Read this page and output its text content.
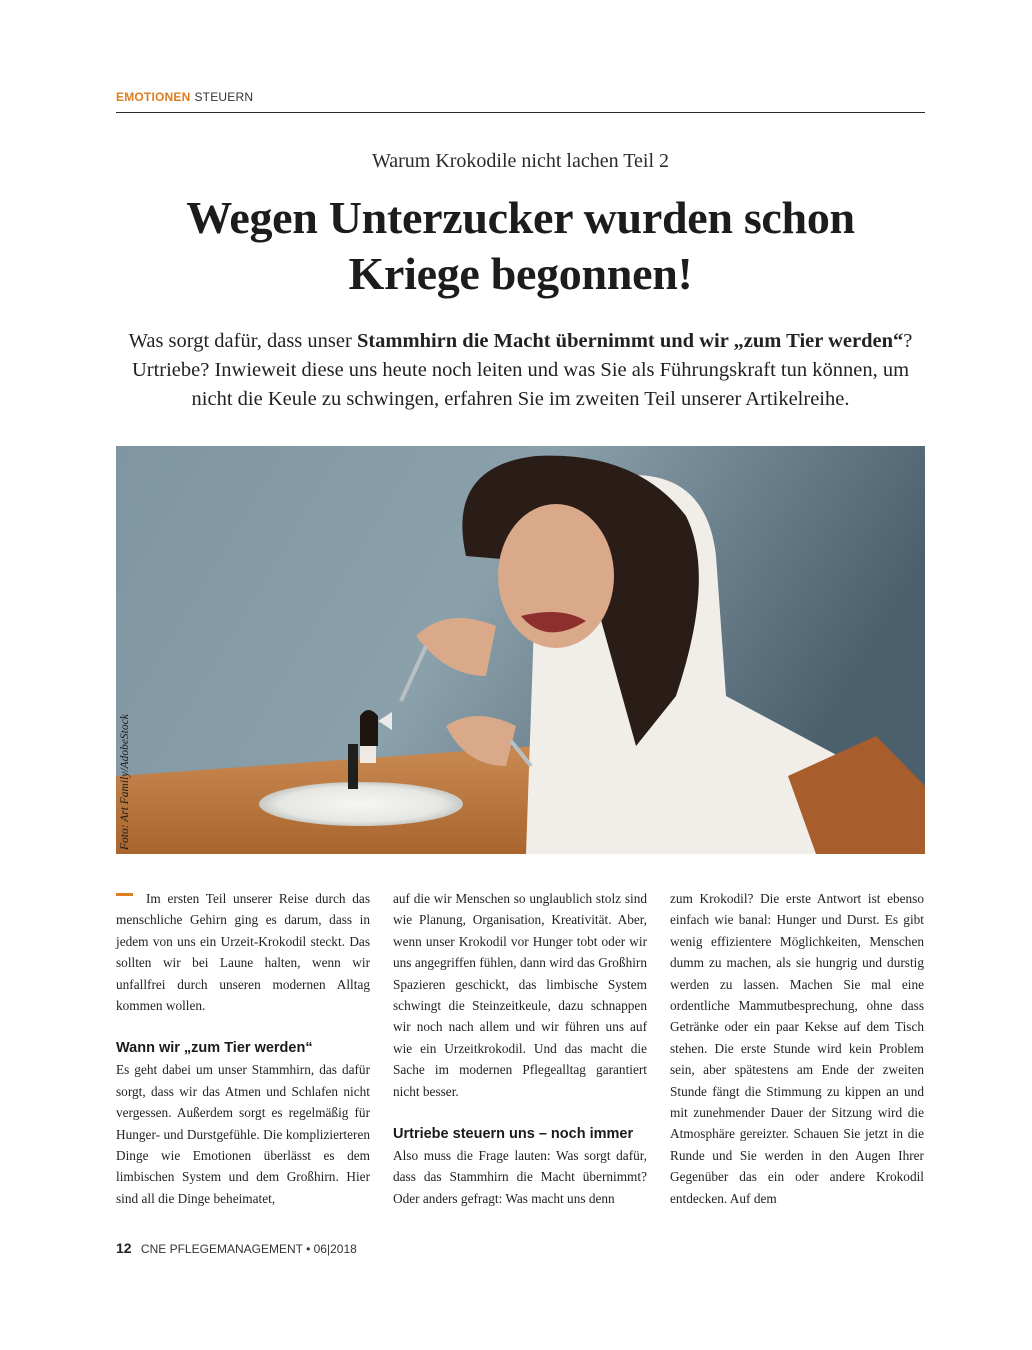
EMOTIONEN STEUERN
Warum Krokodile nicht lachen Teil 2
Wegen Unterzucker wurden schon
Kriege begonnen!
Was sorgt dafür, dass unser Stammhirn die Macht übernimmt und wir „zum Tier werden“? Urtriebe? Inwieweit diese uns heute noch leiten und was Sie als Führungskraft tun können, um nicht die Keule zu schwingen, erfahren Sie im zweiten Teil unserer Artikelreihe.
Foto: Art Family/AdobeStock

Im ersten Teil unserer Reise durch das menschliche Gehirn ging es darum, dass in jedem von uns ein Urzeit-Krokodil steckt. Das sollten wir bei Laune halten, wenn wir unfallfrei durch unseren modernen Alltag kommen wollen.

Wann wir „zum Tier werden“

Es geht dabei um unser Stammhirn, das dafür sorgt, dass wir das Atmen und Schlafen nicht vergessen. Außerdem sorgt es regelmäßig für Hunger- und Durstgefühle. Die komplizierteren Dinge wie Emotionen überlässt es dem limbischen System und dem Großhirn. Hier sind all die Dinge beheimatet,

auf die wir Menschen so unglaublich stolz sind wie Planung, Organisation, Kreativität. Aber, wenn unser Krokodil vor Hunger tobt oder wir uns angegriffen fühlen, dann wird das Großhirn Spazieren geschickt, das limbische System schwingt die Steinzeitkeule, dazu schnappen wir noch nach allem und wir führen uns auf wie ein Urzeitkrokodil. Und das macht die Sache im modernen Pflegealltag garantiert nicht besser.

Urtriebe steuern uns – noch immer

Also muss die Frage lauten: Was sorgt dafür, dass das Stammhirn die Macht übernimmt? Oder anders gefragt: Was macht uns denn

zum Krokodil? Die erste Antwort ist ebenso einfach wie banal: Hunger und Durst. Es gibt wenig effizientere Möglichkeiten, Menschen dumm zu machen, als sie hungrig und durstig werden zu lassen. Machen Sie mal eine ordentliche Mammutbesprechung, ohne dass Getränke oder ein paar Kekse auf dem Tisch stehen. Die erste Stunde wird kein Problem sein, aber spätestens am Ende der zweiten Stunde fängt die Stimmung zu kippen an und mit zunehmender Dauer der Sitzung wird die Atmosphäre gereizter. Schauen Sie jetzt in die Runde und Sie werden in den Augen Ihrer Gegenüber das ein oder andere Krokodil entdecken. Auf dem

12 CNE PFLEGEMANAGEMENT • 06|2018
